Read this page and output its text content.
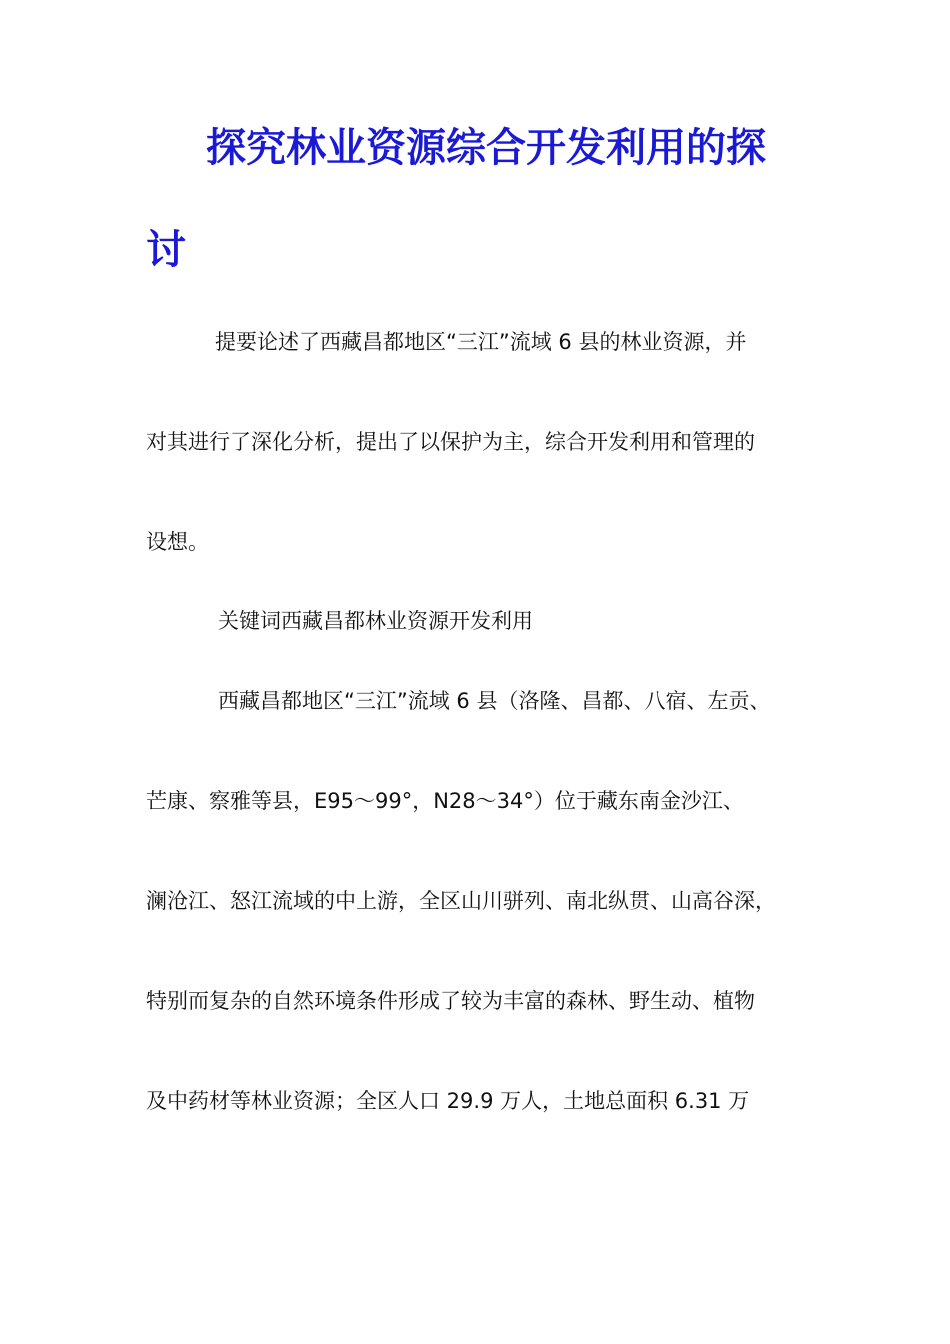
探究林业资源综合开发利用的探
讨
提要论述了西藏昌都地区“三江”流域 6 县的林业资源，并
对其进行了深化分析，提出了以保护为主，综合开发利用和管理的
设想。
关键词西藏昌都林业资源开发利用
西藏昌都地区“三江”流域 6 县（洛隆、昌都、八宿、左贡、
芒康、察雅等县，E95～99°，N28～34°）位于藏东南金沙江、
澜沧江、怒江流域的中上游，全区山川骈列、南北纵贯、山高谷深，
特别而复杂的自然环境条件形成了较为丰富的森林、野生动、植物
及中药材等林业资源；全区人口 29.9 万人，土地总面积 6.31 万
